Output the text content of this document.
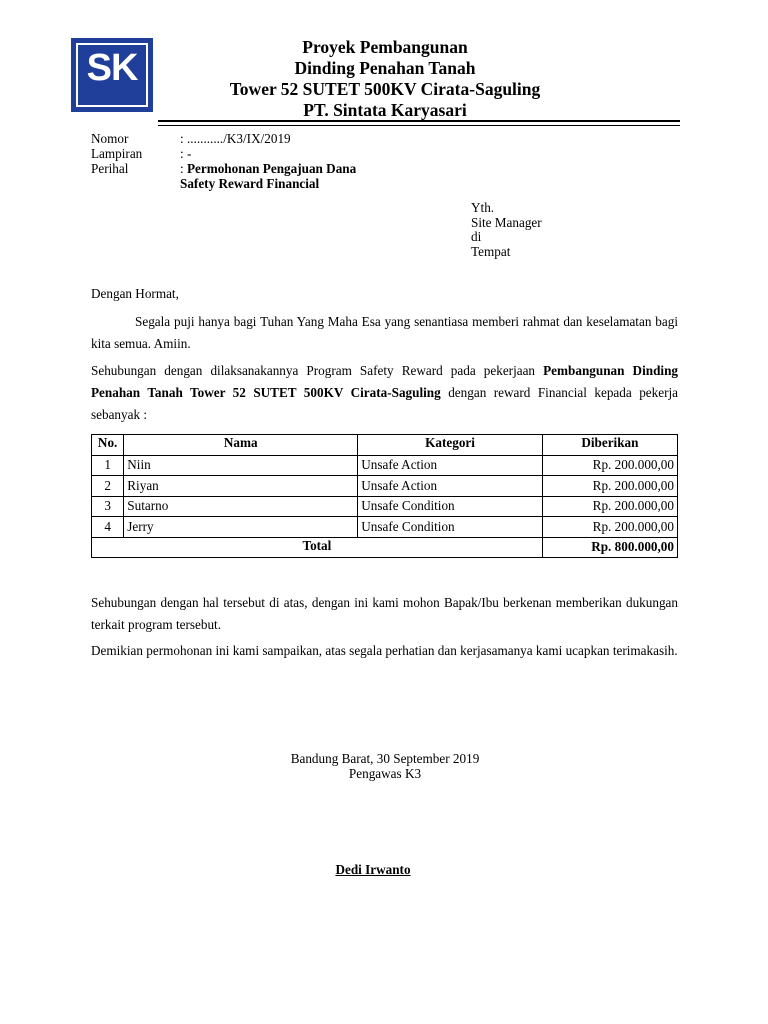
SK	Proyek Pembangunan
Dinding Penahan Tanah
Tower 52 SUTET 500KV Cirata-Saguling
PT. Sintata Karyasari
Nomor	: .........../K3/IX/2019
Lampiran	: -
Perihal	: Permohonan Pengajuan Dana
Safety Reward Financial
Yth.
Site Manager
di
Tempat
Dengan Hormat,
Segala puji hanya bagi Tuhan Yang Maha Esa yang senantiasa memberi rahmat dan keselamatan bagi kita semua. Amiin.
Sehubungan dengan dilaksanakannya Program Safety Reward pada pekerjaan Pembangunan Dinding Penahan Tanah Tower 52 SUTET 500KV Cirata-Saguling dengan reward Financial kepada pekerja sebanyak :
No.	Nama	Kategori	Diberikan
1	Niin	Unsafe Action	Rp. 200.000,00
2	Riyan	Unsafe Action	Rp. 200.000,00
3	Sutarno	Unsafe Condition	Rp. 200.000,00
4	Jerry	Unsafe Condition	Rp. 200.000,00
Total			Rp. 800.000,00
Sehubungan dengan hal tersebut di atas, dengan ini kami mohon Bapak/Ibu berkenan memberikan dukungan terkait program tersebut.
Demikian permohonan ini kami sampaikan, atas segala perhatian dan kerjasamanya kami ucapkan terimakasih.
Bandung Barat, 30 September 2019
Pengawas K3
Dedi Irwanto
